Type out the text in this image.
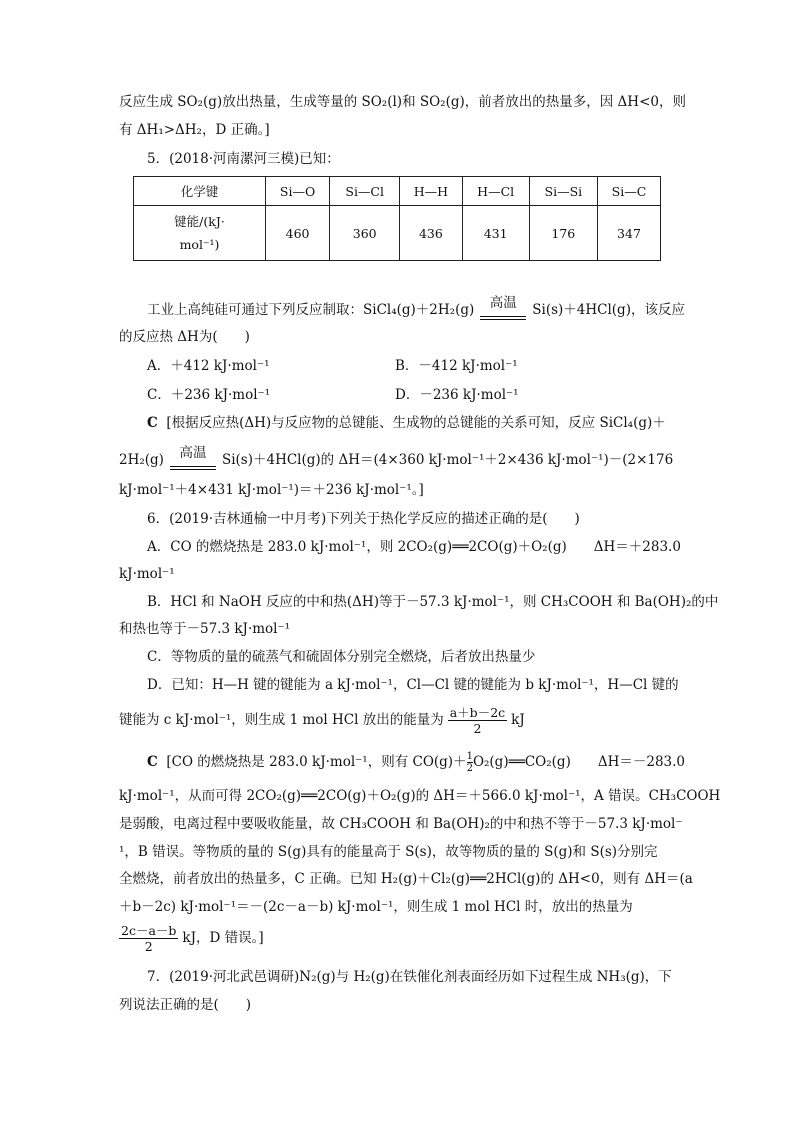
反应生成 SO₂(g)放出热量，生成等量的 SO₂(l)和 SO₂(g)，前者放出的热量多，因 ΔH<0，则
有 ΔH₁>ΔH₂，D 正确。]
5．(2018·河南漯河三模)已知：
化学键	Si—O	Si—Cl	H—H	H—Cl	Si—Si	Si—C

键能/(kJ·
mol⁻¹)	460	360	436	431	176	347
工业上高纯硅可通过下列反应制取：SiCl₄(g)＋2H₂(g)	高温	Si(s)＋4HCl(g)，该反应
的反应热 ΔH为(　　)
A．＋412 kJ·mol⁻¹	B．－412 kJ·mol⁻¹
C．＋236 kJ·mol⁻¹	D．－236 kJ·mol⁻¹
C [根据反应热(ΔH)与反应物的总键能、生成物的总键能的关系可知，反应 SiCl₄(g)＋
2H₂(g)	高温	Si(s)＋4HCl(g)的 ΔH＝(4×360 kJ·mol⁻¹＋2×436 kJ·mol⁻¹)－(2×176
kJ·mol⁻¹＋4×431 kJ·mol⁻¹)＝＋236 kJ·mol⁻¹。]
6．(2019·吉林通榆一中月考)下列关于热化学反应的描述正确的是(　　)
A．CO 的燃烧热是 283.0 kJ·mol⁻¹，则 2CO₂(g)══2CO(g)＋O₂(g)　　ΔH＝＋283.0
kJ·mol⁻¹
B．HCl 和 NaOH 反应的中和热(ΔH)等于－57.3 kJ·mol⁻¹，则 CH₃COOH 和 Ba(OH)₂的中
和热也等于－57.3 kJ·mol⁻¹
C．等物质的量的硫蒸气和硫固体分别完全燃烧，后者放出热量少
D．已知：H—H 键的键能为 a kJ·mol⁻¹，Cl—Cl 键的键能为 b kJ·mol⁻¹，H—Cl 键的
键能为 c kJ·mol⁻¹，则生成 1 mol HCl 放出的能量为 $\frac{a+b-2c}{2}$ kJ
C [CO 的燃烧热是 283.0 kJ·mol⁻¹，则有 $CO(g)+ \frac{1}{2}O_2(g)══CO_2(g)$　　ΔH＝－283.0
kJ·mol⁻¹，从而可得 2CO₂(g)══2CO(g)＋O₂(g)的 ΔH＝＋566.0 kJ·mol⁻¹，A 错误。CH₃COOH
是弱酸，电离过程中要吸收能量，故 CH₃COOH 和 Ba(OH)₂的中和热不等于－57.3 kJ·mol⁻
¹，B 错误。等物质的量的 S(g)具有的能量高于 S(s)，故等物质的量的 S(g)和 S(s)分别完
全燃烧，前者放出的热量多，C 正确。已知 H₂(g)＋Cl₂(g)══2HCl(g)的 ΔH<0，则有 ΔH＝(a
＋b－2c) kJ·mol⁻¹＝－(2c－a－b) kJ·mol⁻¹，则生成 1 mol HCl 时，放出的热量为
$\frac{2c-a-b}{2}$ kJ，D 错误。]
7．(2019·河北武邑调研)N₂(g)与 H₂(g)在铁催化剂表面经历如下过程生成 NH₃(g)，下
列说法正确的是(　　)
